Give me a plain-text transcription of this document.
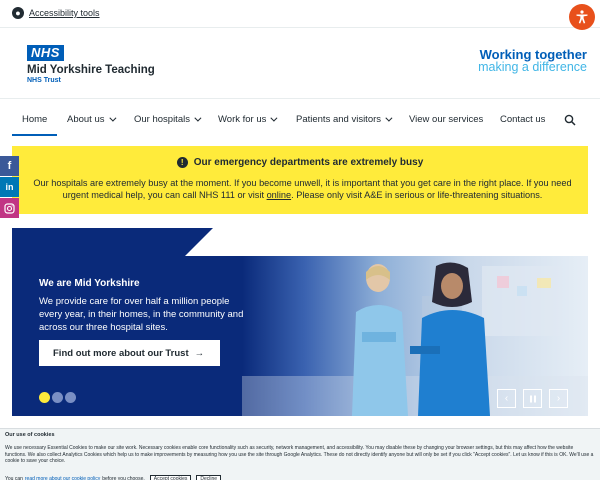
● Accessibility tools
NHS
Mid Yorkshire Teaching
NHS Trust
Working together
making a difference
Home About us	Our hospitals	Work for us	Patients and visitors	View our services Contact us
!	Our emergency departments are extremely busy
Our hospitals are extremely busy at the moment. If you become unwell, it is important that you get care in the right place. If you need urgent medical help, you can call NHS 111 or visit online. Please only visit A&E in serious or life-threatening situations.
f
in
We are Mid Yorkshire
We provide care for over half a million people every year, in their homes, in the community and across our three hospital sites.
Find out more about our Trust →
‹	›
Our use of cookies
We use necessary Essential Cookies to make our site work. Necessary cookies enable core functionality such as security, network management, and accessibility. You may disable these by changing your browser settings, but this may affect how the website functions. We also collect Analytics Cookies which help us to make improvements by measuring how you use the site through Google Analytics. These do not directly identify anyone but will only be set if you click "Accept cookies". Let us know if this is OK. We'll use a cookie to save your choice.
You can read more about our cookie policy before you choose.	Accept cookies	Decline
